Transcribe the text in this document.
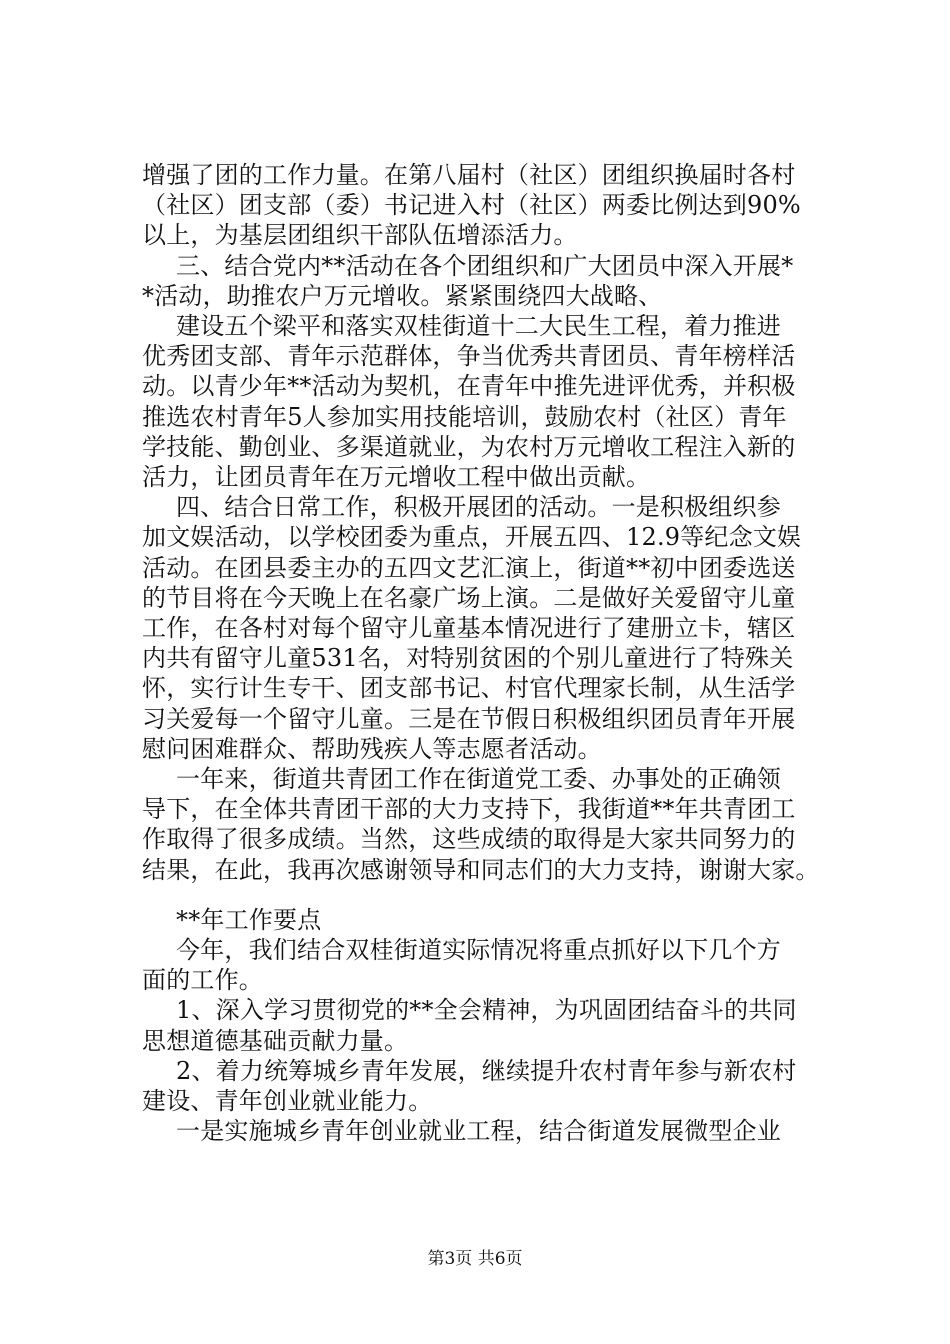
增强了团的工作力量。在第八届村（社区）团组织换届时各村
（社区）团支部（委）书记进入村（社区）两委比例达到90%
以上，为基层团组织干部队伍增添活力。
三、结合党内**活动在各个团组织和广大团员中深入开展*
*活动，助推农户万元增收。紧紧围绕四大战略、
建设五个梁平和落实双桂街道十二大民生工程，着力推进
优秀团支部、青年示范群体，争当优秀共青团员、青年榜样活
动。以青少年**活动为契机，在青年中推先进评优秀，并积极
推选农村青年5人参加实用技能培训，鼓励农村（社区）青年
学技能、勤创业、多渠道就业，为农村万元增收工程注入新的
活力，让团员青年在万元增收工程中做出贡献。
四、结合日常工作，积极开展团的活动。一是积极组织参
加文娱活动，以学校团委为重点，开展五四、12.9等纪念文娱
活动。在团县委主办的五四文艺汇演上，街道**初中团委选送
的节目将在今天晚上在名豪广场上演。二是做好关爱留守儿童
工作，在各村对每个留守儿童基本情况进行了建册立卡，辖区
内共有留守儿童531名，对特别贫困的个别儿童进行了特殊关
怀，实行计生专干、团支部书记、村官代理家长制，从生活学
习关爱每一个留守儿童。三是在节假日积极组织团员青年开展
慰问困难群众、帮助残疾人等志愿者活动。
一年来，街道共青团工作在街道党工委、办事处的正确领
导下，在全体共青团干部的大力支持下，我街道**年共青团工
作取得了很多成绩。当然，这些成绩的取得是大家共同努力的
结果，在此，我再次感谢领导和同志们的大力支持，谢谢大家。
**年工作要点
今年，我们结合双桂街道实际情况将重点抓好以下几个方
面的工作。
1、深入学习贯彻党的**全会精神，为巩固团结奋斗的共同
思想道德基础贡献力量。
2、着力统筹城乡青年发展，继续提升农村青年参与新农村
建设、青年创业就业能力。
一是实施城乡青年创业就业工程，结合街道发展微型企业
第3页 共6页
